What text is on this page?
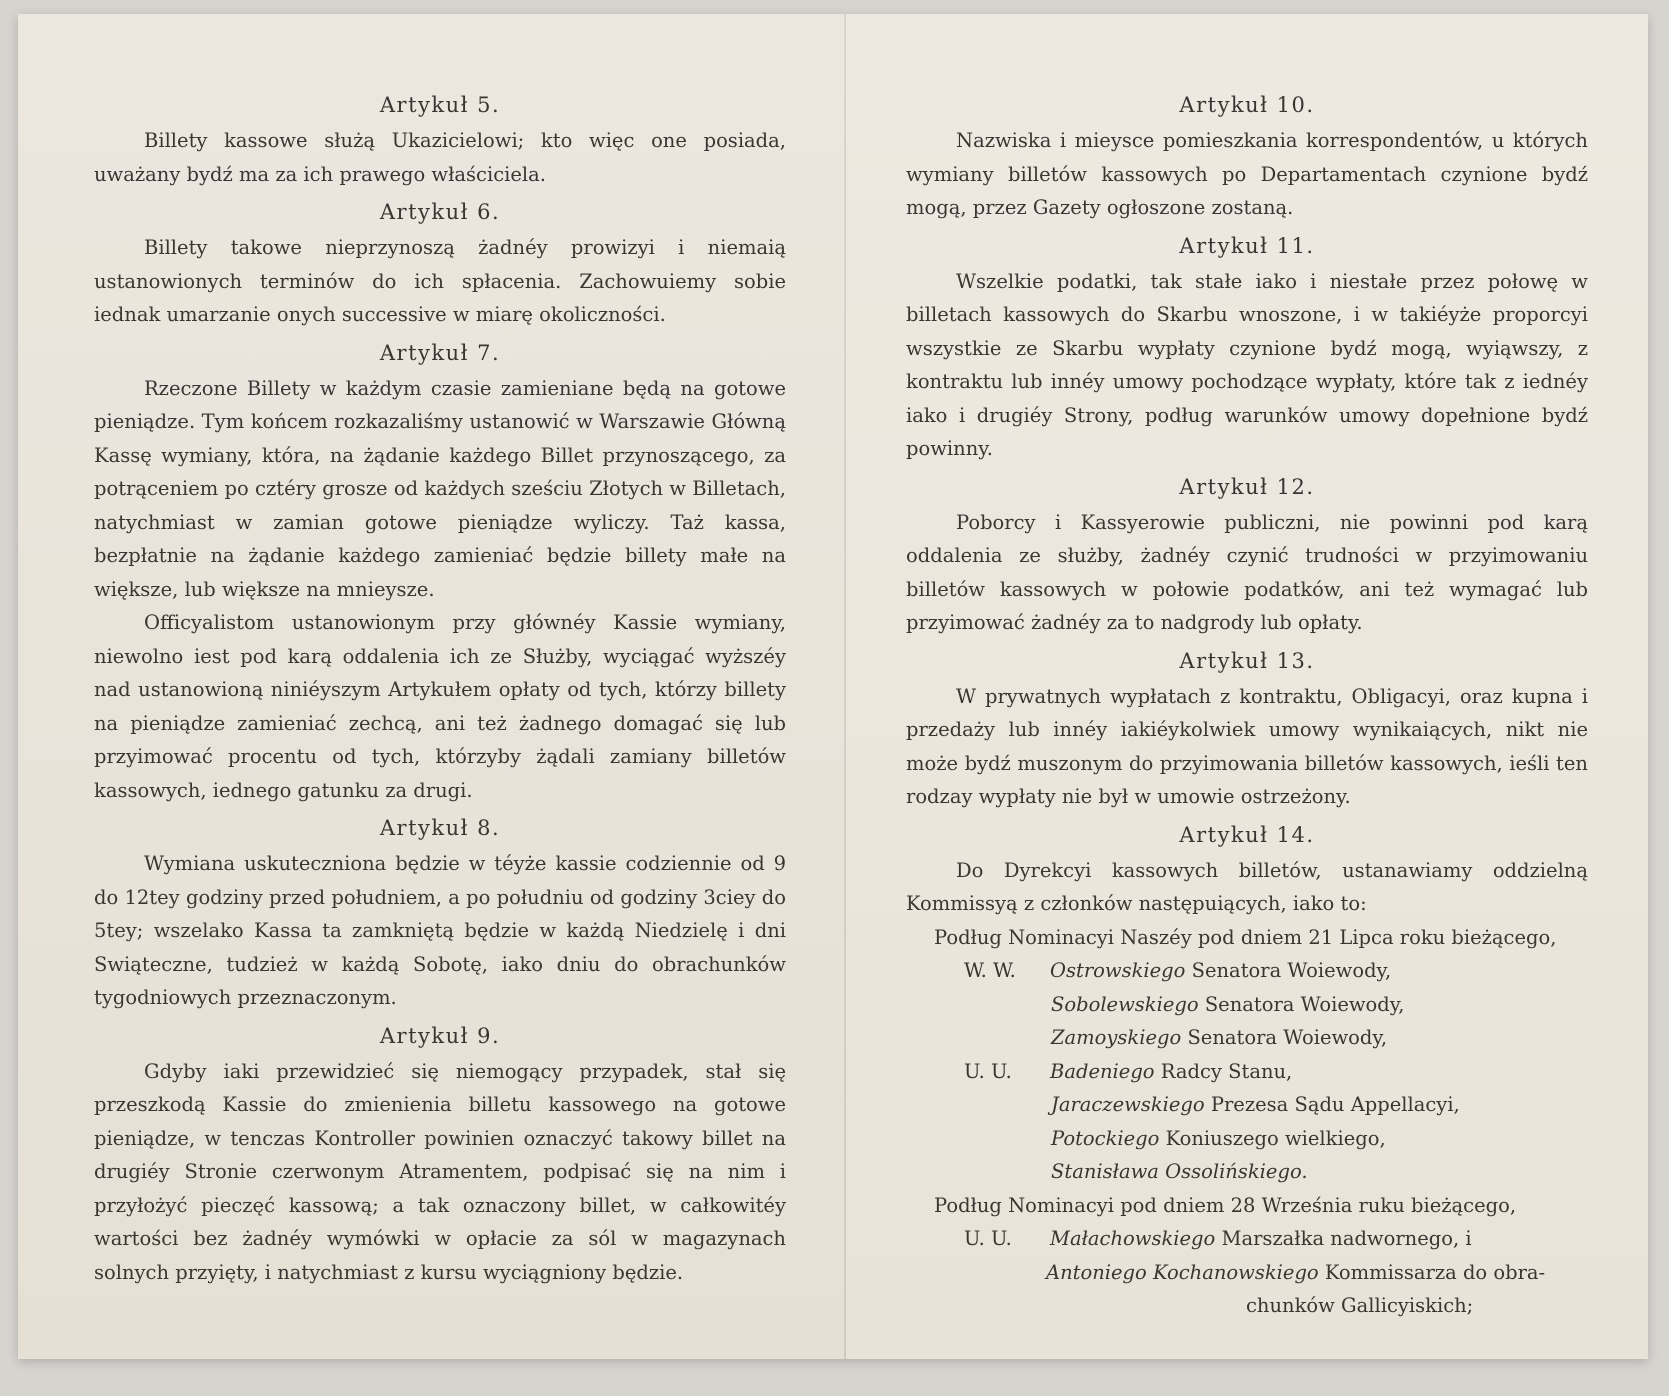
Artykuł 5.

Billety kassowe służą Ukazicielowi; kto więc one posiada, uważany bydź ma za ich prawego właściciela.

Artykuł 6.

Billety takowe nieprzynoszą żadnéy prowizyi i niemaią ustanowionych terminów do ich spłacenia. Zachowuiemy sobie iednak umarzanie onych successive w miarę okoliczności.

Artykuł 7.

Rzeczone Billety w każdym czasie zamieniane będą na gotowe pieniądze. Tym końcem rozkazaliśmy ustanowić w Warszawie Główną Kassę wymiany, która, na żądanie każdego Billet przynoszącego, za potrąceniem po cztéry grosze od każdych sześciu Złotych w Billetach, natychmiast w zamian gotowe pieniądze wyliczy. Taż kassa, bezpłatnie na żądanie każdego zamieniać będzie billety małe na większe, lub większe na mnieysze.

Officyalistom ustanowionym przy głównéy Kassie wymiany, niewolno iest pod karą oddalenia ich ze Służby, wyciągać wyższéy nad ustanowioną niniéyszym Artykułem opłaty od tych, którzy billety na pieniądze zamieniać zechcą, ani też żadnego domagać się lub przyimować procentu od tych, którzyby żądali zamiany billetów kassowych, iednego gatunku za drugi.

Artykuł 8.

Wymiana uskuteczniona będzie w téyże kassie codziennie od 9 do 12tey godziny przed południem, a po południu od godziny 3ciey do 5tey; wszelako Kassa ta zamkniętą będzie w każdą Niedzielę i dni Swiąteczne, tudzież w każdą Sobotę, iako dniu do obrachunków tygodniowych przeznaczonym.

Artykuł 9.

Gdyby iaki przewidzieć się niemogący przypadek, stał się przeszkodą Kassie do zmienienia billetu kassowego na gotowe pieniądze, w tenczas Kontroller powinien oznaczyć takowy billet na drugiéy Stronie czerwonym Atramentem, podpisać się na nim i przyłożyć pieczęć kassową; a tak oznaczony billet, w całkowitéy wartości bez żadnéy wymówki w opłacie za sól w magazynach solnych przyięty, i natychmiast z kursu wyciągniony będzie.

Artykuł 10.

Nazwiska i mieysce pomieszkania korrespondentów, u których wymiany billetów kassowych po Departamentach czynione bydź mogą, przez Gazety ogłoszone zostaną.

Artykuł 11.

Wszelkie podatki, tak stałe iako i niestałe przez połowę w billetach kassowych do Skarbu wnoszone, i w takiéyże proporcyi wszystkie ze Skarbu wypłaty czynione bydź mogą, wyiąwszy, z kontraktu lub innéy umowy pochodzące wypłaty, które tak z iednéy iako i drugiéy Strony, podług warunków umowy dopełnione bydź powinny.

Artykuł 12.

Poborcy i Kassyerowie publiczni, nie powinni pod karą oddalenia ze służby, żadnéy czynić trudności w przyimowaniu billetów kassowych w połowie podatków, ani też wymagać lub przyimować żadnéy za to nadgrody lub opłaty.

Artykuł 13.

W prywatnych wypłatach z kontraktu, Obligacyi, oraz kupna i przedaży lub innéy iakiéykolwiek umowy wynikaiących, nikt nie może bydź muszonym do przyimowania billetów kassowych, ieśli ten rodzay wypłaty nie był w umowie ostrzeżony.

Artykuł 14.

Do Dyrekcyi kassowych billetów, ustanawiamy oddzielną Kommissyą z członków następuiących, iako to:

Podług Nominacyi Naszéy pod dniem 21 Lipca roku bieżącego,
W. W. Ostrowskiego Senatora Woiewody,
Sobolewskiego Senatora Woiewody,
Zamoyskiego Senatora Woiewody,
U. U. Badeniego Radcy Stanu,
Jaraczewskiego Prezesa Sądu Appellacyi,
Potockiego Koniuszego wielkiego,
Stanisława Ossolińskiego.
Podług Nominacyi pod dniem 28 Września ruku bieżącego,
U. U. Małachowskiego Marszałka nadwornego, i
Antoniego Kochanowskiego Kommissarza do obra-
chunków Gallicyiskich;
